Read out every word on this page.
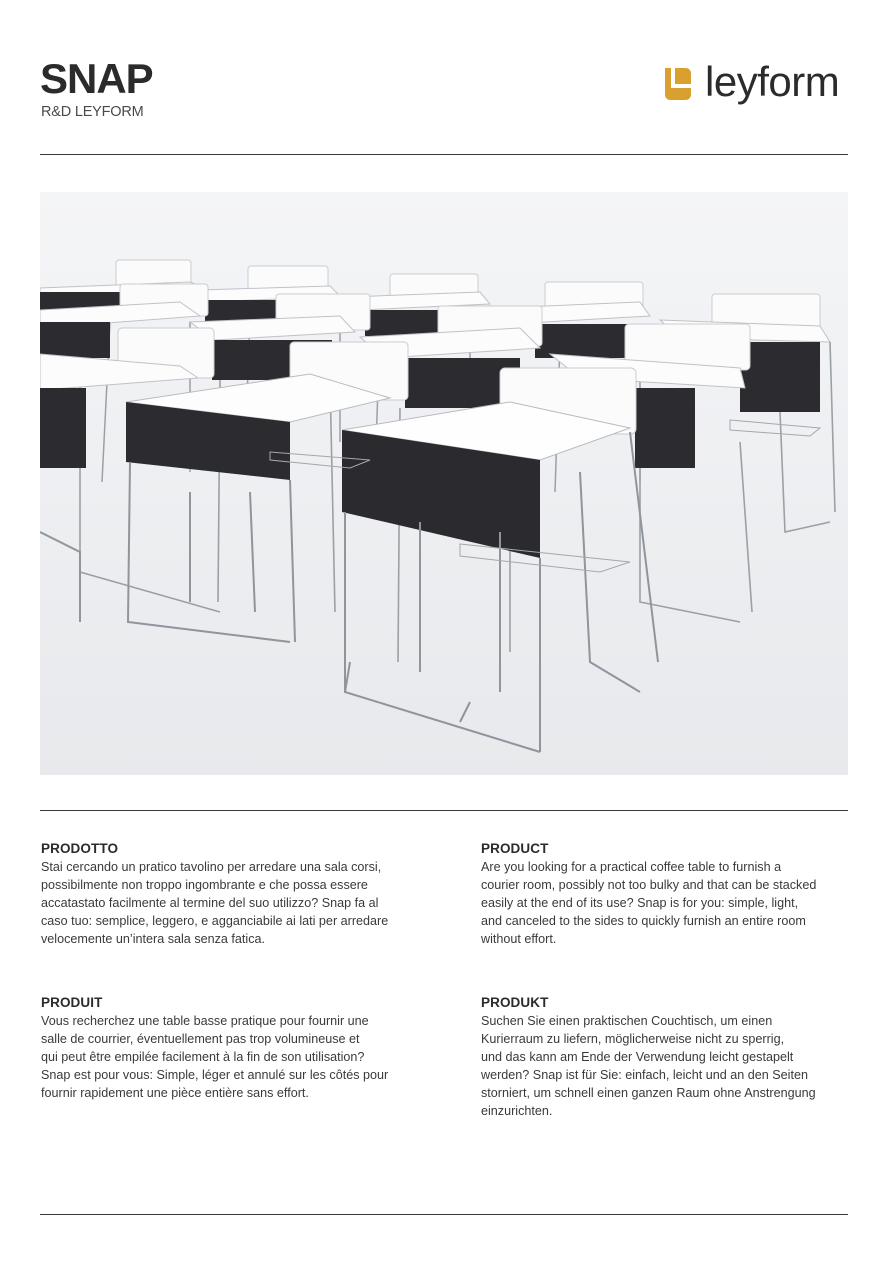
SNAP
R&D LEYFORM
leyform
PRODOTTO

Stai cercando un pratico tavolino per arredare una sala corsi,
possibilmente non troppo ingombrante e che possa essere
accatastato facilmente al termine del suo utilizzo? Snap fa al
caso tuo: semplice, leggero, e agganciabile ai lati per arredare
velocemente un’intera sala senza fatica.

PRODUCT

Are you looking for a practical coffee table to furnish a
courier room, possibly not too bulky and that can be stacked
easily at the end of its use? Snap is for you: simple, light,
and canceled to the sides to quickly furnish an entire room
without effort.

PRODUIT

Vous recherchez une table basse pratique pour fournir une
salle de courrier, éventuellement pas trop volumineuse et
qui peut être empilée facilement à la fin de son utilisation?
Snap est pour vous: Simple, léger et annulé sur les côtés pour
fournir rapidement une pièce entière sans effort.

PRODUKT

Suchen Sie einen praktischen Couchtisch, um einen
Kurierraum zu liefern, möglicherweise nicht zu sperrig,
und das kann am Ende der Verwendung leicht gestapelt
werden? Snap ist für Sie: einfach, leicht und an den Seiten
storniert, um schnell einen ganzen Raum ohne Anstrengung
einzurichten.
